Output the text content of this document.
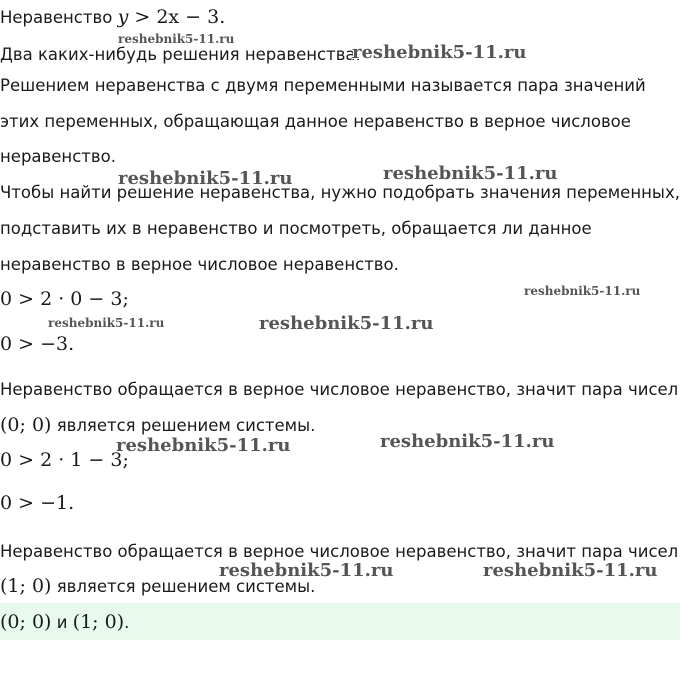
Неравенство y > 2x − 3.
Два каких-нибудь решения неравенства.
Решением неравенства с двумя переменными называется пара значений
этих переменных, обращающая данное неравенство в верное числовое
неравенство.
Чтобы найти решение неравенства, нужно подобрать значения переменных,
подставить их в неравенство и посмотреть, обращается ли данное
неравенство в верное числовое неравенство.
0 > 2 · 0 − 3;
0 > −3.
Неравенство обращается в верное числовое неравенство, значит пара чисел
(0; 0) является решением системы.
0 > 2 · 1 − 3;
0 > −1.
Неравенство обращается в верное числовое неравенство, значит пара чисел
(1; 0) является решением системы.
(0; 0) и (1; 0).
reshebnik5-11.ru
reshebnik5-11.ru
reshebnik5-11.ru	reshebnik5-11.ru
reshebnik5-11.ru
reshebnik5-11.ru	reshebnik5-11.ru
reshebnik5-11.ru	reshebnik5-11.ru
reshebnik5-11.ru	reshebnik5-11.ru
